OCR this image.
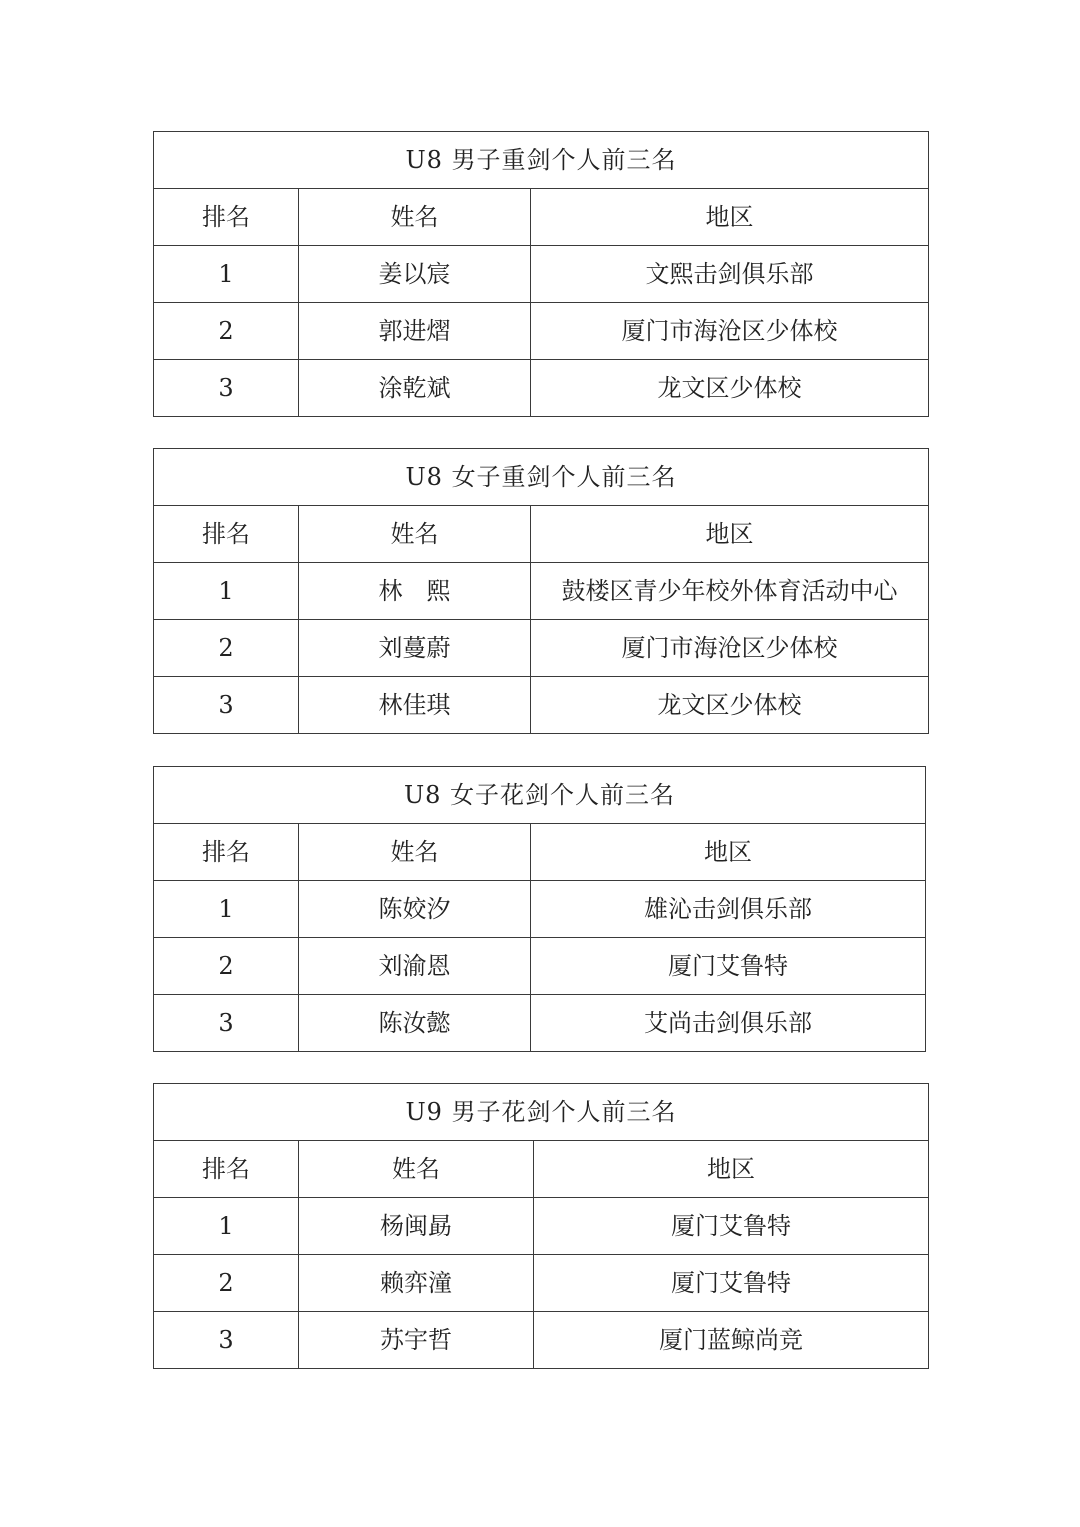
U8 男子重剑个人前三名		
排名	姓名	地区
1	姜以宸	文熙击剑俱乐部
2	郭进熠	厦门市海沧区少体校
3	涂乾斌	龙文区少体校
U8 女子重剑个人前三名		
排名	姓名	地区
1	林　熙	鼓楼区青少年校外体育活动中心
2	刘蔓蔚	厦门市海沧区少体校
3	林佳琪	龙文区少体校
U8 女子花剑个人前三名		
排名	姓名	地区
1	陈姣汐	雄沁击剑俱乐部
2	刘渝恩	厦门艾鲁特
3	陈汝懿	艾尚击剑俱乐部
U9 男子花剑个人前三名		
排名	姓名	地区
1	杨闽勗	厦门艾鲁特
2	赖弈潼	厦门艾鲁特
3	苏宇哲	厦门蓝鲸尚竞
